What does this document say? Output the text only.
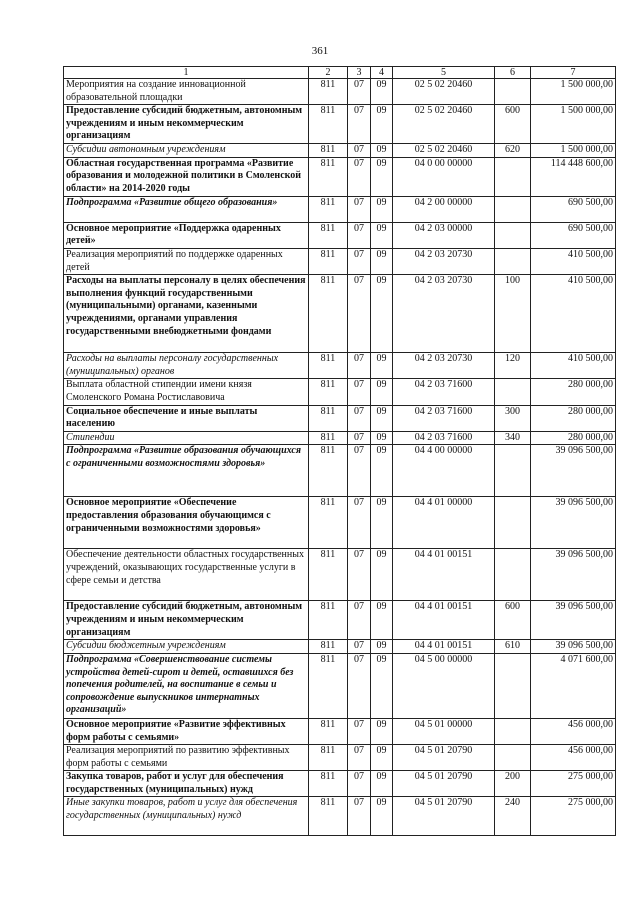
361
1	2	3	4	5	6	7
Мероприятия на создание инновационной образовательной площадки	811	07	09	02 5 02 20460		1 500 000,00
Предоставление субсидий бюджетным, автономным учреждениям и иным некоммерческим организациям	811	07	09	02 5 02 20460	600	1 500 000,00
Субсидии автономным учреждениям	811	07	09	02 5 02 20460	620	1 500 000,00
Областная государственная программа «Развитие образования и молодежной политики в Смоленской области» на 2014-2020 годы	811	07	09	04 0 00 00000		114 448 600,00
Подпрограмма «Развитие общего образования»	811	07	09	04 2 00 00000		690 500,00
Основное мероприятие «Поддержка одаренных детей»	811	07	09	04 2 03 00000		690 500,00
Реализация мероприятий по поддержке одаренных детей	811	07	09	04 2 03 20730		410 500,00
Расходы на выплаты персоналу в целях обеспечения выполнения функций государственными (муниципальными) органами, казенными учреждениями, органами управления государственными внебюджетными фондами	811	07	09	04 2 03 20730	100	410 500,00
Расходы на выплаты персоналу государственных (муниципальных) органов	811	07	09	04 2 03 20730	120	410 500,00
Выплата областной стипендии имени князя Смоленского Романа Ростиславовича	811	07	09	04 2 03 71600		280 000,00
Социальное обеспечение и иные выплаты населению	811	07	09	04 2 03 71600	300	280 000,00
Стипендии	811	07	09	04 2 03 71600	340	280 000,00
Подпрограмма «Развитие образования обучающихся с ограниченными возможностями здоровья»	811	07	09	04 4 00 00000		39 096 500,00
Основное мероприятие «Обеспечение предоставления образования обучающимся с ограниченными возможностями здоровья»	811	07	09	04 4 01 00000		39 096 500,00
Обеспечение деятельности областных государственных учреждений, оказывающих государственные услуги в сфере семьи и детства	811	07	09	04 4 01 00151		39 096 500,00
Предоставление субсидий бюджетным, автономным учреждениям и иным некоммерческим организациям	811	07	09	04 4 01 00151	600	39 096 500,00
Субсидии бюджетным учреждениям	811	07	09	04 4 01 00151	610	39 096 500,00
Подпрограмма «Совершенствование системы устройства детей-сирот и детей, оставшихся без попечения родителей, на воспитание в семьи и сопровождение выпускников интернатных организаций»	811	07	09	04 5 00 00000		4 071 600,00
Основное мероприятие «Развитие эффективных форм работы с семьями»	811	07	09	04 5 01 00000		456 000,00
Реализация мероприятий по развитию эффективных форм работы с семьями	811	07	09	04 5 01 20790		456 000,00
Закупка товаров, работ и услуг для обеспечения государственных (муниципальных) нужд	811	07	09	04 5 01 20790	200	275 000,00
Иные закупки товаров, работ и услуг для обеспечения государственных (муниципальных) нужд	811	07	09	04 5 01 20790	240	275 000,00
